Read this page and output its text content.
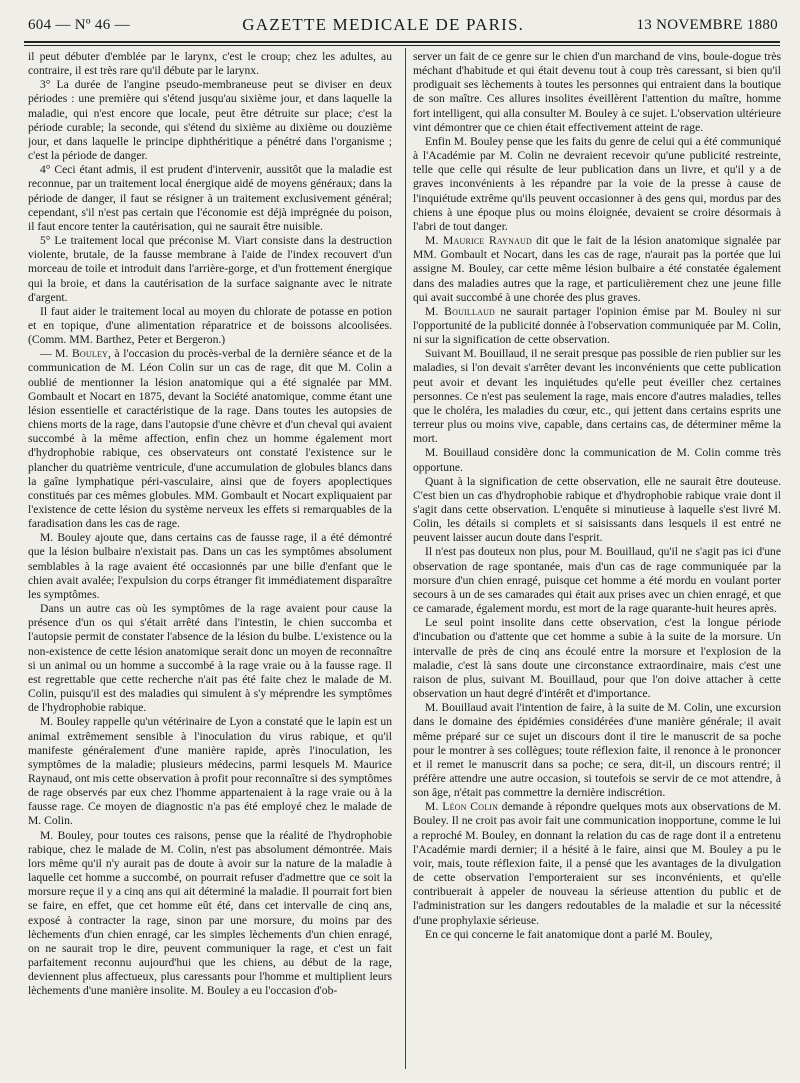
604 — Nº 46 —	GAZETTE MEDICALE DE PARIS.	13 NOVEMBRE 1880

il peut débuter d'emblée par le larynx, c'est le croup; chez les adultes, au contraire, il est très rare qu'il débute par le larynx.

3° La durée de l'angine pseudo-membraneuse peut se diviser en deux périodes : une première qui s'étend jusqu'au sixième jour, et dans laquelle la maladie, qui n'est encore que locale, peut être détruite sur place; c'est la période curable; la seconde, qui s'étend du sixième au dixième ou douzième jour, et dans laquelle le principe diphthéritique a pénétré dans l'organisme ; c'est la période de danger.

4° Ceci étant admis, il est prudent d'intervenir, aussitôt que la maladie est reconnue, par un traitement local énergique aidé de moyens généraux; dans la période de danger, il faut se résigner à un traitement exclusivement général; cependant, s'il n'est pas certain que l'économie est déjà imprégnée du poison, il faut encore tenter la cautérisation, qui ne saurait être nuisible.

5° Le traitement local que préconise M. Viart consiste dans la destruction violente, brutale, de la fausse membrane à l'aide de l'index recouvert d'un morceau de toile et introduit dans l'arrière-gorge, et d'un frottement énergique qui la broie, et dans la cautérisation de la surface saignante avec le nitrate d'argent.

Il faut aider le traitement local au moyen du chlorate de potasse en potion et en topique, d'une alimentation réparatrice et de boissons alcoolisées. (Comm. MM. Barthez, Peter et Bergeron.)

— M. Bouley, à l'occasion du procès-verbal de la dernière séance et de la communication de M. Léon Colin sur un cas de rage, dit que M. Colin a oublié de mentionner la lésion anatomique qui a été signalée par MM. Gombault et Nocart en 1875, devant la Société anatomique, comme étant une lésion essentielle et caractéristique de la rage. Dans toutes les autopsies de chiens morts de la rage, dans l'autopsie d'une chèvre et d'un cheval qui avaient succombé à la même affection, enfin chez un homme également mort d'hydrophobie rabique, ces observateurs ont constaté l'existence sur le plancher du quatrième ventricule, d'une accumulation de globules blancs dans la gaîne lymphatique péri-vasculaire, ainsi que de foyers apoplectiques constitués par ces mêmes globules. MM. Gombault et Nocart expliquaient par l'existence de cette lésion du système nerveux les effets si remarquables de la faradisation dans les cas de rage.

M. Bouley ajoute que, dans certains cas de fausse rage, il a été démontré que la lésion bulbaire n'existait pas. Dans un cas les symptômes absolument semblables à la rage avaient été occasionnés par une bille d'enfant que le chien avait avalée; l'expulsion du corps étranger fit immédiatement disparaître les symptômes.

Dans un autre cas où les symptômes de la rage avaient pour cause la présence d'un os qui s'était arrêté dans l'intestin, le chien succomba et l'autopsie permit de constater l'absence de la lésion du bulbe. L'existence ou la non-existence de cette lésion anatomique serait donc un moyen de reconnaître si un animal ou un homme a succombé à la rage vraie ou à la fausse rage. Il est regrettable que cette recherche n'ait pas été faite chez le malade de M. Colin, puisqu'il est des maladies qui simulent à s'y méprendre les symptômes de l'hydrophobie rabique.

M. Bouley rappelle qu'un vétérinaire de Lyon a constaté que le lapin est un animal extrêmement sensible à l'inoculation du virus rabique, et qu'il manifeste généralement d'une manière rapide, après l'inoculation, les symptômes de la maladie; plusieurs médecins, parmi lesquels M. Maurice Raynaud, ont mis cette observation à profit pour reconnaître si des symptômes de rage observés par eux chez l'homme appartenaient à la rage vraie ou à la fausse rage. Ce moyen de diagnostic n'a pas été employé chez le malade de M. Colin.

M. Bouley, pour toutes ces raisons, pense que la réalité de l'hydrophobie rabique, chez le malade de M. Colin, n'est pas absolument démontrée. Mais lors même qu'il n'y aurait pas de doute à avoir sur la nature de la maladie à laquelle cet homme a succombé, on pourrait refuser d'admettre que ce soit la morsure reçue il y a cinq ans qui ait déterminé la maladie. Il pourrait fort bien se faire, en effet, que cet homme eût été, dans cet intervalle de cinq ans, exposé à contracter la rage, sinon par une morsure, du moins par des lèchements d'un chien enragé, car les simples lèchements d'un chien enragé, on ne saurait trop le dire, peuvent communiquer la rage, et c'est un fait parfaitement reconnu aujourd'hui que les chiens, au début de la rage, deviennent plus affectueux, plus caressants pour l'homme et multiplient leurs lèchements d'une manière insolite. M. Bouley a eu l'occasion d'ob-

server un fait de ce genre sur le chien d'un marchand de vins, boule-dogue très méchant d'habitude et qui était devenu tout à coup très caressant, si bien qu'il prodiguait ses lèchements à toutes les personnes qui entraient dans la boutique de son maître. Ces allures insolites éveillèrent l'attention du maître, homme fort intelligent, qui alla consulter M. Bouley à ce sujet. L'observation ultérieure vint démontrer que ce chien était effectivement atteint de rage.

Enfin M. Bouley pense que les faits du genre de celui qui a été communiqué à l'Académie par M. Colin ne devraient recevoir qu'une publicité restreinte, telle que celle qui résulte de leur publication dans un livre, et qu'il y a de graves inconvénients à les répandre par la voie de la presse à cause de l'inquiétude extrême qu'ils peuvent occasionner à des gens qui, mordus par des chiens à une époque plus ou moins éloignée, devaient se croire désormais à l'abri de tout danger.

M. Maurice Raynaud dit que le fait de la lésion anatomique signalée par MM. Gombault et Nocart, dans les cas de rage, n'aurait pas la portée que lui assigne M. Bouley, car cette même lésion bulbaire a été constatée également dans des maladies autres que la rage, et particulièrement chez une jeune fille qui avait succombé à une chorée des plus graves.

M. Bouillaud ne saurait partager l'opinion émise par M. Bouley ni sur l'opportunité de la publicité donnée à l'observation communiquée par M. Colin, ni sur la signification de cette observation.

Suivant M. Bouillaud, il ne serait presque pas possible de rien publier sur les maladies, si l'on devait s'arrêter devant les inconvénients que cette publication peut avoir et devant les inquiétudes qu'elle peut éveiller chez certaines personnes. Ce n'est pas seulement la rage, mais encore d'autres maladies, telles que le choléra, les maladies du cœur, etc., qui jettent dans certains esprits une terreur plus ou moins vive, capable, dans certains cas, de déterminer même la mort.

M. Bouillaud considère donc la communication de M. Colin comme très opportune.

Quant à la signification de cette observation, elle ne saurait être douteuse. C'est bien un cas d'hydrophobie rabique et d'hydrophobie rabique vraie dont il s'agit dans cette observation. L'enquête si minutieuse à laquelle s'est livré M. Colin, les détails si complets et si saisissants dans lesquels il est entré ne peuvent laisser aucun doute dans l'esprit.

Il n'est pas douteux non plus, pour M. Bouillaud, qu'il ne s'agit pas ici d'une observation de rage spontanée, mais d'un cas de rage communiquée par la morsure d'un chien enragé, puisque cet homme a été mordu en voulant porter secours à un de ses camarades qui était aux prises avec un chien enragé, et que ce camarade, également mordu, est mort de la rage quarante-huit heures après.

Le seul point insolite dans cette observation, c'est la longue période d'incubation ou d'attente que cet homme a subie à la suite de la morsure. Un intervalle de près de cinq ans écoulé entre la morsure et l'explosion de la maladie, c'est là sans doute une circonstance extraordinaire, mais c'est une raison de plus, suivant M. Bouillaud, pour que l'on doive attacher à cette observation un haut degré d'intérêt et d'importance.

M. Bouillaud avait l'intention de faire, à la suite de M. Colin, une excursion dans le domaine des épidémies considérées d'une manière générale; il avait même préparé sur ce sujet un discours dont il tire le manuscrit de sa poche pour le montrer à ses collègues; toute réflexion faite, il renonce à le prononcer et il remet le manuscrit dans sa poche; ce sera, dit-il, un discours rentré; il préfère attendre une autre occasion, si toutefois se servir de ce mot attendre, à son âge, n'était pas commettre la dernière indiscrétion.

M. Léon Colin demande à répondre quelques mots aux observations de M. Bouley. Il ne croit pas avoir fait une communication inopportune, comme le lui a reproché M. Bouley, en donnant la relation du cas de rage dont il a entretenu l'Académie mardi dernier; il a hésité à le faire, ainsi que M. Bouley a pu le voir, mais, toute réflexion faite, il a pensé que les avantages de la divulgation de cette observation l'emporteraient sur ses inconvénients, et qu'elle contribuerait à appeler de nouveau la sérieuse attention du public et de l'administration sur les dangers redoutables de la maladie et sur la nécessité d'une prophylaxie sérieuse.

En ce qui concerne le fait anatomique dont a parlé M. Bouley,
